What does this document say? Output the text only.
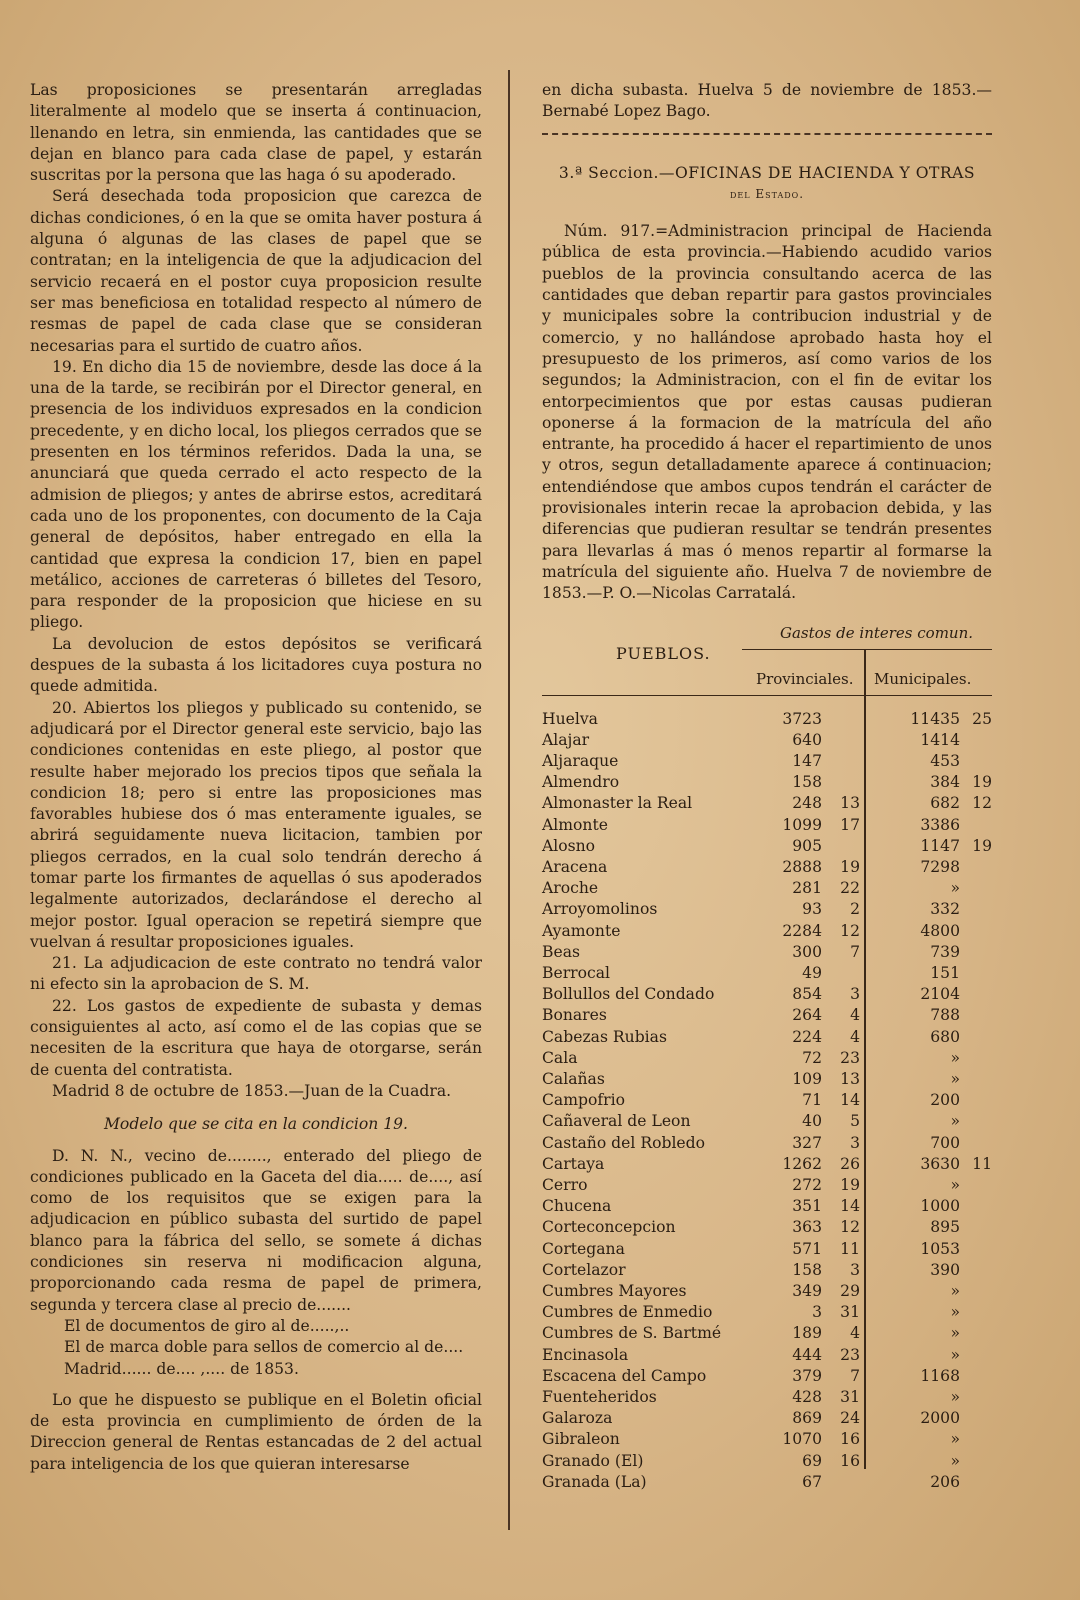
Las proposiciones se presentarán arregladas literalmente al modelo que se inserta á continuacion, llenando en letra, sin enmienda, las cantidades que se dejan en blanco para cada clase de papel, y estarán suscritas por la persona que las haga ó su apoderado.

Será desechada toda proposicion que carezca de dichas condiciones, ó en la que se omita haver postura á alguna ó algunas de las clases de papel que se contratan; en la inteligencia de que la adjudicacion del servicio recaerá en el postor cuya proposicion resulte ser mas beneficiosa en totalidad respecto al número de resmas de papel de cada clase que se consideran necesarias para el surtido de cuatro años.

19. En dicho dia 15 de noviembre, desde las doce á la una de la tarde, se recibirán por el Director general, en presencia de los individuos expresados en la condicion precedente, y en dicho local, los pliegos cerrados que se presenten en los términos referidos. Dada la una, se anunciará que queda cerrado el acto respecto de la admision de pliegos; y antes de abrirse estos, acreditará cada uno de los proponentes, con documento de la Caja general de depósitos, haber entregado en ella la cantidad que expresa la condicion 17, bien en papel metálico, acciones de carreteras ó billetes del Tesoro, para responder de la proposicion que hiciese en su pliego.

La devolucion de estos depósitos se verificará despues de la subasta á los licitadores cuya postura no quede admitida.

20. Abiertos los pliegos y publicado su contenido, se adjudicará por el Director general este servicio, bajo las condiciones contenidas en este pliego, al postor que resulte haber mejorado los precios tipos que señala la condicion 18; pero si entre las proposiciones mas favorables hubiese dos ó mas enteramente iguales, se abrirá seguidamente nueva licitacion, tambien por pliegos cerrados, en la cual solo tendrán derecho á tomar parte los firmantes de aquellas ó sus apoderados legalmente autorizados, declarándose el derecho al mejor postor. Igual operacion se repetirá siempre que vuelvan á resultar proposiciones iguales.

21. La adjudicacion de este contrato no tendrá valor ni efecto sin la aprobacion de S. M.

22. Los gastos de expediente de subasta y demas consiguientes al acto, así como el de las copias que se necesiten de la escritura que haya de otorgarse, serán de cuenta del contratista.

Madrid 8 de octubre de 1853.—Juan de la Cuadra.

Modelo que se cita en la condicion 19.

D. N. N., vecino de........, enterado del pliego de condiciones publicado en la Gaceta del dia..... de...., así como de los requisitos que se exigen para la adjudicacion en público subasta del surtido de papel blanco para la fábrica del sello, se somete á dichas condiciones sin reserva ni modificacion alguna, proporcionando cada resma de papel de primera, segunda y tercera clase al precio de.......

El de documentos de giro al de.....,..

El de marca doble para sellos de comercio al de....

Madrid...... de.... ,.... de 1853.

Lo que he dispuesto se publique en el Boletin oficial de esta provincia en cumplimiento de órden de la Direccion general de Rentas estancadas de 2 del actual para inteligencia de los que quieran interesarse

en dicha subasta. Huelva 5 de noviembre de 1853.—Bernabé Lopez Bago.

3.ª Seccion.—OFICINAS DE HACIENDA Y OTRAS

del Estado.

Núm. 917.=Administracion principal de Hacienda pública de esta provincia.—Habiendo acudido varios pueblos de la provincia consultando acerca de las cantidades que deban repartir para gastos provinciales y municipales sobre la contribucion industrial y de comercio, y no hallándose aprobado hasta hoy el presupuesto de los primeros, así como varios de los segundos; la Administracion, con el fin de evitar los entorpecimientos que por estas causas pudieran oponerse á la formacion de la matrícula del año entrante, ha procedido á hacer el repartimiento de unos y otros, segun detalladamente aparece á continuacion; entendiéndose que ambos cupos tendrán el carácter de provisionales interin recae la aprobacion debida, y las diferencias que pudieran resultar se tendrán presentes para llevarlas á mas ó menos repartir al formarse la matrícula del siguiente año. Huelva 7 de noviembre de 1853.—P. O.—Nicolas Carratalá.

Gastos de interes comun.
PUEBLOS.
Provinciales. Municipales.
Huelva	3723		11435	25
Alajar	640		1414	
Aljaraque	147		453	
Almendro	158		384	19
Almonaster la Real	248	13	682	12
Almonte	1099	17	3386	
Alosno	905		1147	19
Aracena	2888	19	7298	
Aroche	281	22	»	
Arroyomolinos	93	2	332	
Ayamonte	2284	12	4800	
Beas	300	7	739	
Berrocal	49		151	
Bollullos del Condado	854	3	2104	
Bonares	264	4	788	
Cabezas Rubias	224	4	680	
Cala	72	23	»	
Calañas	109	13	»	
Campofrio	71	14	200	
Cañaveral de Leon	40	5	»	
Castaño del Robledo	327	3	700	
Cartaya	1262	26	3630	11
Cerro	272	19	»	
Chucena	351	14	1000	
Corteconcepcion	363	12	895	
Cortegana	571	11	1053	
Cortelazor	158	3	390	
Cumbres Mayores	349	29	»	
Cumbres de Enmedio	3	31	»	
Cumbres de S. Bartmé	189	4	»	
Encinasola	444	23	»	
Escacena del Campo	379	7	1168	
Fuenteheridos	428	31	»	
Galaroza	869	24	2000	
Gibraleon	1070	16	»	
Granado (El)	69	16	»	
Granada (La)	67		206	
